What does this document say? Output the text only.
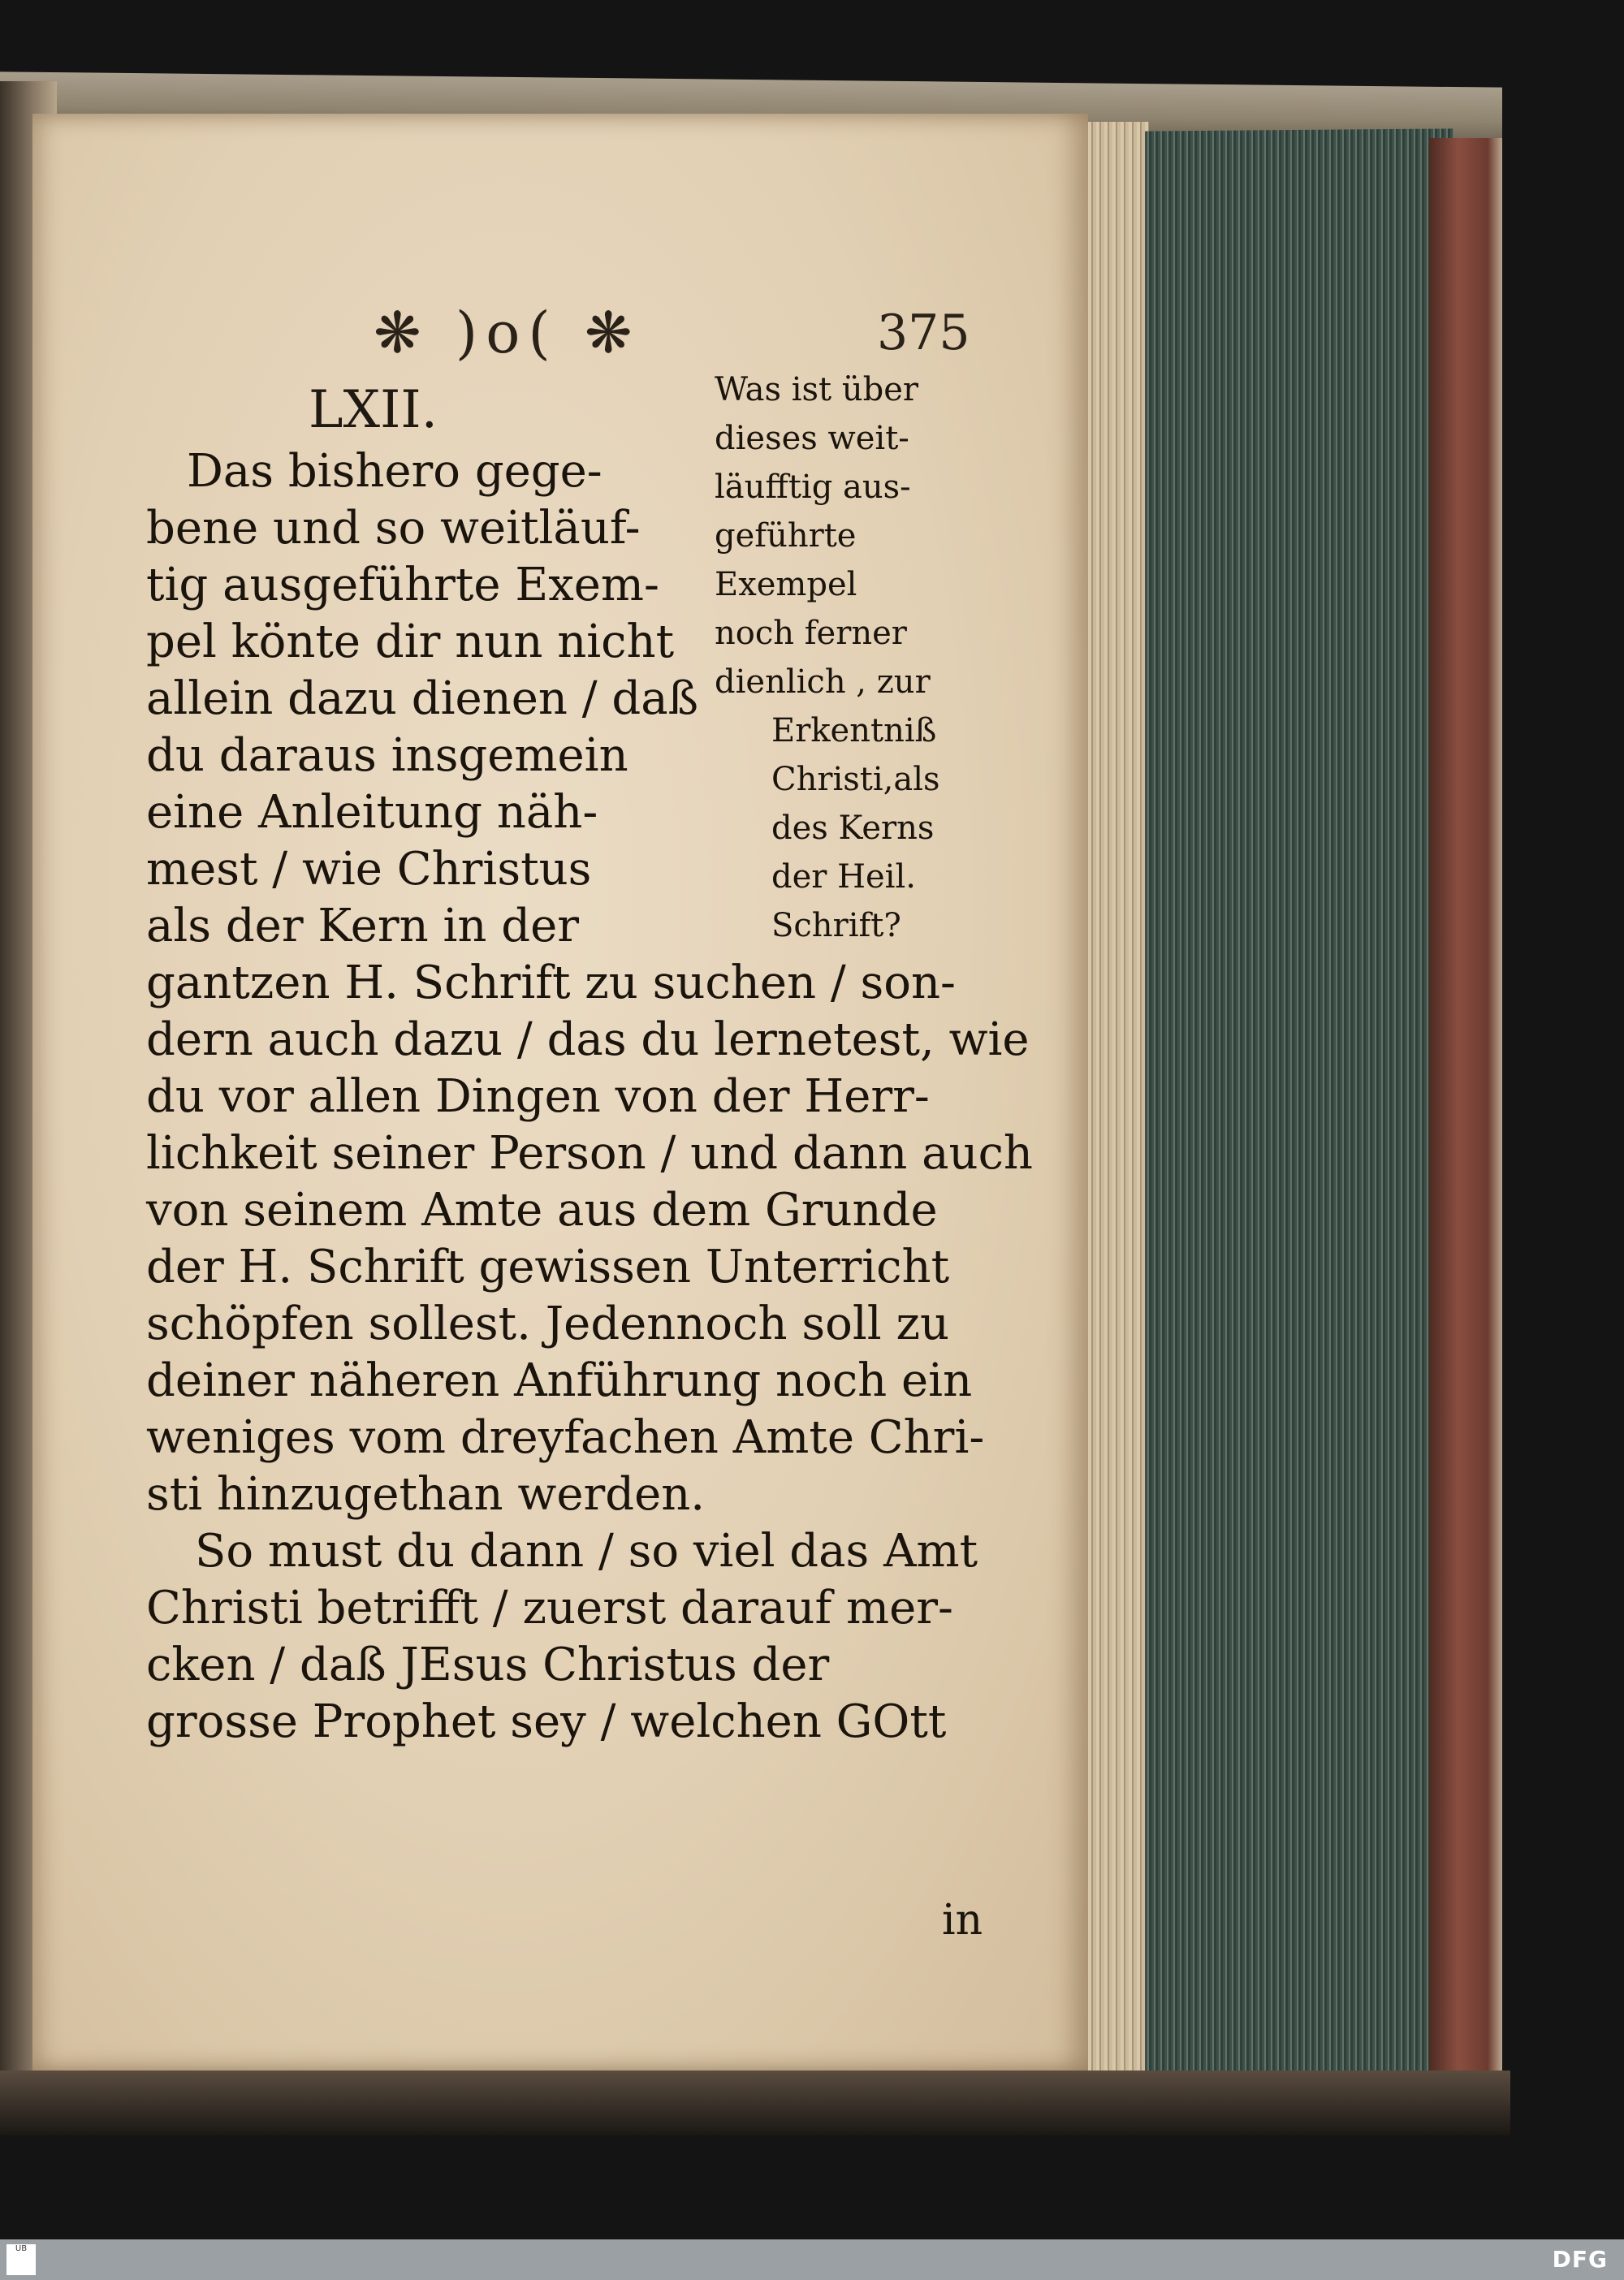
❋ )o( ❋	375
LXII.	Was ist über
dieses weit-
läufftig aus-
geführte
Exempel
noch ferner
dienlich , zur
Erkentniß
Christi,als
des Kerns
der Heil.
Schrift?
Das bishero gege-
bene und so weitläuf-
tig ausgeführte Exem-
pel könte dir nun nicht
allein dazu dienen / daß
du daraus insgemein
eine Anleitung näh-
mest / wie Christus
als der Kern in der
gantzen H. Schrift zu suchen / son-
dern auch dazu / das du lernetest, wie
du vor allen Dingen von der Herr-
lichkeit seiner Person / und dann auch
von seinem Amte aus dem Grunde
der H. Schrift gewissen Unterricht
schöpfen sollest. Jedennoch soll zu
deiner näheren Anführung noch ein
weniges vom dreyfachen Amte Chri-
sti hinzugethan werden.
So must du dann / so viel das Amt
Christi betrifft / zuerst darauf mer-
cken / daß JEsus Christus der
grosse Prophet sey / welchen GOtt
in
UB	DFG
